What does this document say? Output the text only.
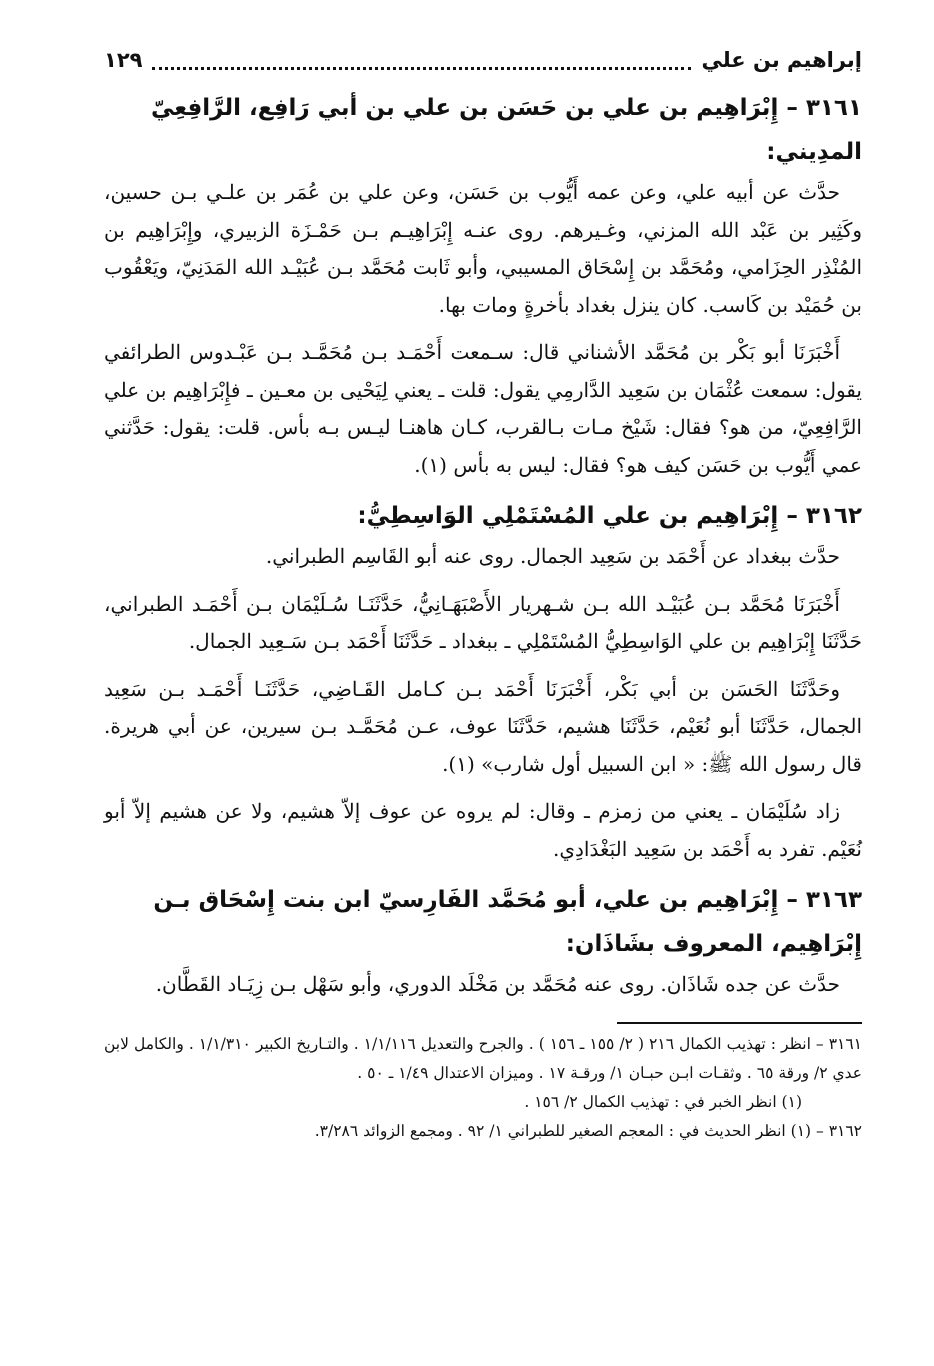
إبراهيم بن علي
١٢٩
٣١٦١ – إِبْرَاهِيم بن علي بن حَسَن بن علي بن أبي رَافِع، الرَّافِعِيّ المدِيني:

حدَّث عن أبيه علي، وعن عمه أَيُّوب بن حَسَن، وعن علي بن عُمَر بن علـي بـن حسين، وكَثِير بن عَبْد الله المزني، وغـيرهم. روى عنـه إِبْرَاهِيـم بـن حَمْـزَة الزبيري، وإِبْرَاهِيم بن المُنْذِر الحِزَامي، ومُحَمَّد بن إِسْحَاق المسيبي، وأبو ثَابت مُحَمَّد بـن عُبَيْـد الله المَدَنِيّ، ويَعْقُوب بن حُمَيْد بن كَاسب. كان ينزل بغداد بأخرةٍ ومات بها.

أَخْبَرَنَا أبو بَكْر بن مُحَمَّد الأشناني قال: سـمعت أَحْمَـد بـن مُحَمَّـد بـن عَبْـدوس الطرائفي يقول: سمعت عُثْمَان بن سَعِيد الدَّارمِي يقول: قلت ـ يعني لِيَحْيى بن معـين ـ فإِبْرَاهِيم بن علي الرَّافِعِيّ، من هو؟ فقال: شَيْخ مـات بـالقرب، كـان هاهنـا ليـس بـه بأس. قلت: يقول: حَدَّثني عمي أَيُّوب بن حَسَن كيف هو؟ فقال: ليس به بأس (١).

٣١٦٢ – إِبْرَاهِيم بن علي المُسْتَمْلِي الوَاسِطِيُّ:

حدَّث ببغداد عن أَحْمَد بن سَعِيد الجمال. روى عنه أبو القَاسِم الطبراني.

أَخْبَرَنَا مُحَمَّد بـن عُبَيْـد الله بـن شـهريار الأَصْبَهَـانِيُّ، حَدَّثَنَـا سُـلَيْمَان بـن أَحْمَـد الطبراني، حَدَّثَنَا إِبْرَاهِيم بن علي الوَاسِطِيُّ المُسْتَمْلِي ـ ببغداد ـ حَدَّثَنَا أَحْمَد بـن سَـعِيد الجمال.

وحَدَّثَنَا الحَسَن بن أبي بَكْر، أَخْبَرَنَا أَحْمَد بـن كـامل القَـاضِي، حَدَّثَنَـا أَحْمَـد بـن سَعِيد الجمال، حَدَّثَنَا أبو نُعَيْم، حَدَّثَنَا هشيم، حَدَّثَنَا عوف، عـن مُحَمَّـد بـن سيرين، عن أبي هريرة. قال رسول الله ﷺ: « ابن السبيل أول شارب» (١).

زاد سُلَيْمَان ـ يعني من زمزم ـ وقال: لم يروه عن عوف إلاّ هشيم، ولا عن هشيم إلاّ أبو نُعَيْم. تفرد به أَحْمَد بن سَعِيد البَغْدَادِي.

٣١٦٣ – إِبْرَاهِيم بن علي، أبو مُحَمَّد الفَارِسيّ ابن بنت إِسْحَاق بـن إِبْرَاهِيم، المعروف بشَاذَان:

حدَّث عن جده شَاذَان. روى عنه مُحَمَّد بن مَخْلَد الدوري، وأبو سَهْل بـن زِيَـاد القَطَّان.

٣١٦١ – انظر : تهذيب الكمال ٢١٦ ( ٢/ ١٥٥ ـ ١٥٦ ) . والجرح والتعديل ١/١/١١٦ . والتـاريخ الكبير ١/١/٣١٠ . والكامل لابن عدي ٢/ ورقة ٦٥ . وثقـات ابـن حبـان ١/ ورقـة ١٧ . وميزان الاعتدال ١/٤٩ ـ ٥٠ .

(١) انظر الخبر في : تهذيب الكمال ٢/ ١٥٦ .

٣١٦٢ – (١) انظر الحديث في : المعجم الصغير للطبراني ١/ ٩٢ . ومجمع الزوائد ٣/٢٨٦.
